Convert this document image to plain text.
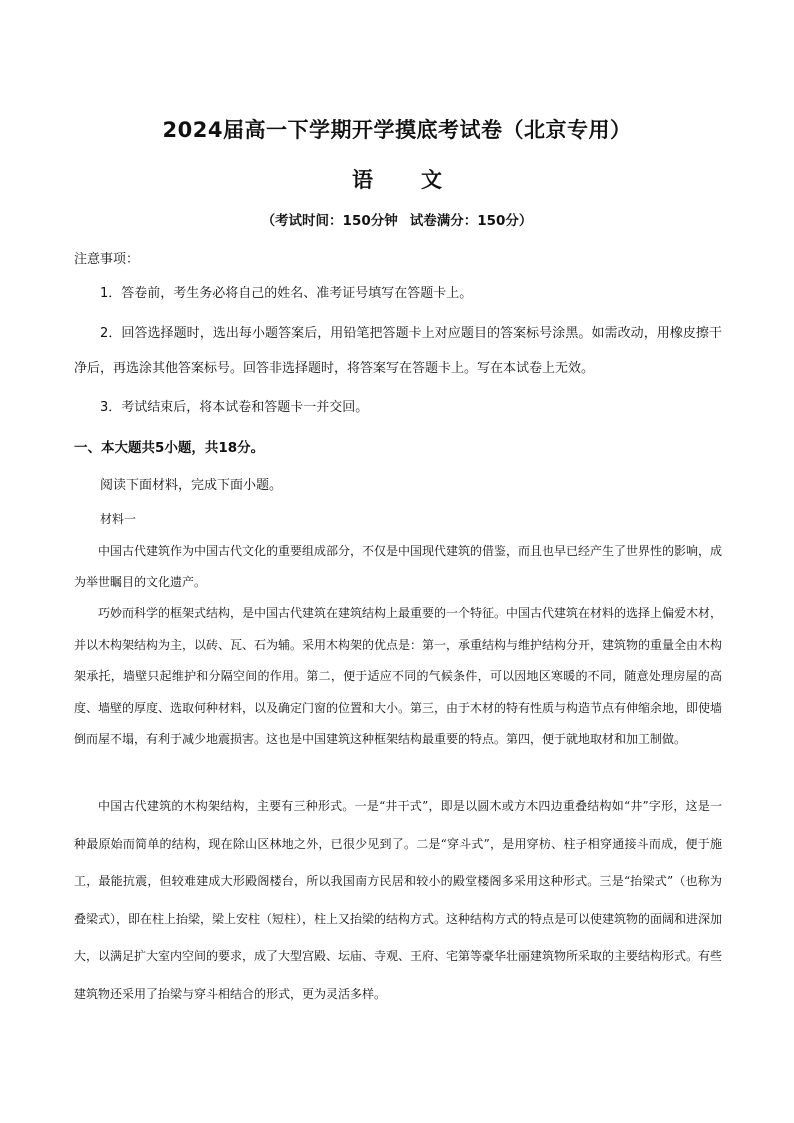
2024届高一下学期开学摸底考试卷（北京专用）
语文
（考试时间：150分钟 试卷满分：150分）
注意事项：
1．答卷前，考生务必将自己的姓名、准考证号填写在答题卡上。
2．回答选择题时，选出每小题答案后，用铅笔把答题卡上对应题目的答案标号涂黑。如需改动，用橡皮擦干净后，再选涂其他答案标号。回答非选择题时，将答案写在答题卡上。写在本试卷上无效。
3．考试结束后，将本试卷和答题卡一并交回。
一、本大题共5小题，共18分。
阅读下面材料，完成下面小题。
材料一
中国古代建筑作为中国古代文化的重要组成部分，不仅是中国现代建筑的借鉴，而且也早已经产生了世界性的影响，成为举世瞩目的文化遗产。
巧妙而科学的框架式结构，是中国古代建筑在建筑结构上最重要的一个特征。中国古代建筑在材料的选择上偏爱木材，并以木构架结构为主，以砖、瓦、石为辅。采用木构架的优点是：第一，承重结构与维护结构分开，建筑物的重量全由木构架承托，墙壁只起维护和分隔空间的作用。第二，便于适应不同的气候条件，可以因地区寒暖的不同，随意处理房屋的高度、墙壁的厚度、选取何种材料，以及确定门窗的位置和大小。第三，由于木材的特有性质与构造节点有伸缩余地，即使墙倒而屋不塌，有利于减少地震损害。这也是中国建筑这种框架结构最重要的特点。第四，便于就地取材和加工制做。
中国古代建筑的木构架结构，主要有三种形式。一是“井干式”，即是以圆木或方木四边重叠结构如“井”字形，这是一种最原始而简单的结构，现在除山区林地之外，已很少见到了。二是“穿斗式”，是用穿枋、柱子相穿通接斗而成，便于施工，最能抗震，但较难建成大形殿阁楼台，所以我国南方民居和较小的殿堂楼阁多采用这种形式。三是“抬梁式”（也称为叠梁式），即在柱上抬梁，梁上安柱（短柱），柱上又抬梁的结构方式。这种结构方式的特点是可以使建筑物的面阔和进深加大，以满足扩大室内空间的要求，成了大型宫殿、坛庙、寺观、王府、宅第等豪华壮丽建筑物所采取的主要结构形式。有些建筑物还采用了抬梁与穿斗相结合的形式，更为灵活多样。
